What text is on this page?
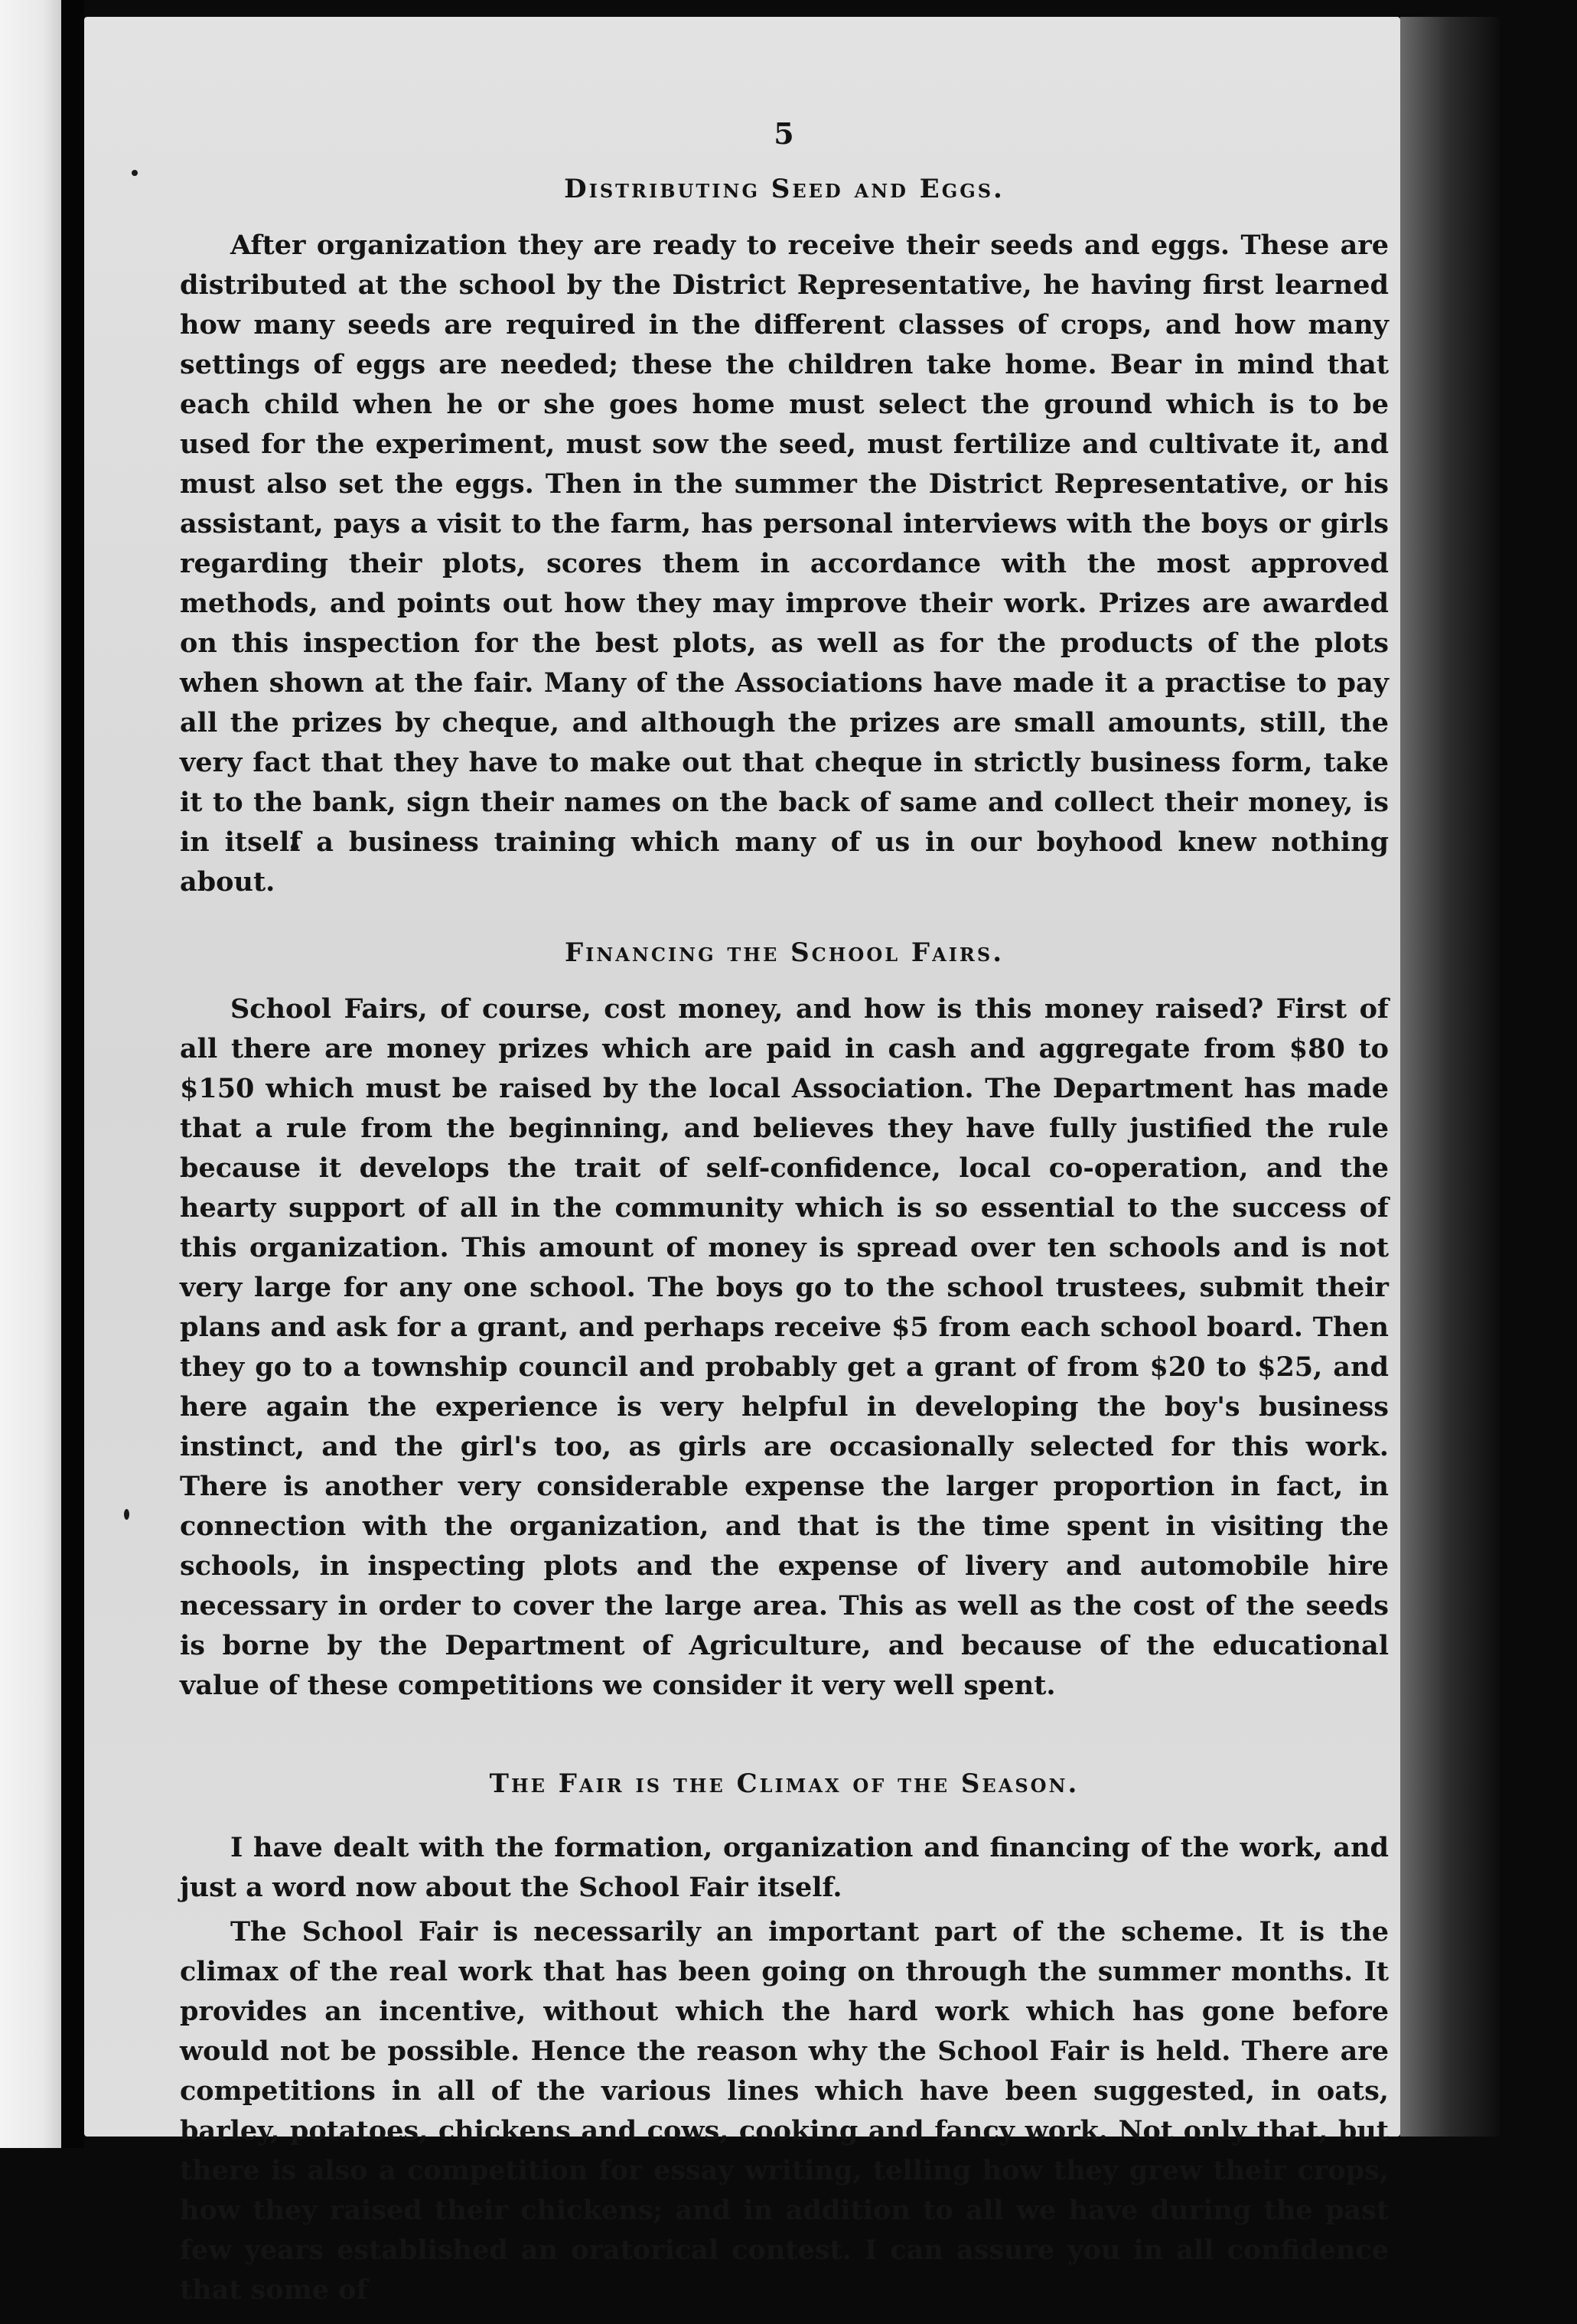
5
Distributing Seed and Eggs.

After organization they are ready to receive their seeds and eggs. These are distributed at the school by the District Representative, he having first learned how many seeds are required in the different classes of crops, and how many settings of eggs are needed; these the children take home. Bear in mind that each child when he or she goes home must select the ground which is to be used for the experiment, must sow the seed, must fertilize and cultivate it, and must also set the eggs. Then in the summer the District Representative, or his assistant, pays a visit to the farm, has personal interviews with the boys or girls regarding their plots, scores them in accordance with the most approved methods, and points out how they may improve their work. Prizes are awarded on this inspection for the best plots, as well as for the products of the plots when shown at the fair. Many of the Associations have made it a practise to pay all the prizes by cheque, and although the prizes are small amounts, still, the very fact that they have to make out that cheque in strictly business form, take it to the bank, sign their names on the back of same and collect their money, is in itself a business training which many of us in our boyhood knew nothing about.

Financing the School Fairs.

School Fairs, of course, cost money, and how is this money raised? First of all there are money prizes which are paid in cash and aggregate from $80 to $150 which must be raised by the local Association. The Department has made that a rule from the beginning, and believes they have fully justified the rule because it develops the trait of self-confidence, local co-operation, and the hearty support of all in the community which is so essential to the success of this organization. This amount of money is spread over ten schools and is not very large for any one school. The boys go to the school trustees, submit their plans and ask for a grant, and perhaps receive $5 from each school board. Then they go to a township council and probably get a grant of from $20 to $25, and here again the experience is very helpful in developing the boy's business instinct, and the girl's too, as girls are occasionally selected for this work. There is another very considerable expense the larger proportion in fact, in connection with the organization, and that is the time spent in visiting the schools, in inspecting plots and the expense of livery and automobile hire necessary in order to cover the large area. This as well as the cost of the seeds is borne by the Department of Agriculture, and because of the educational value of these competitions we consider it very well spent.

The Fair is the Climax of the Season.

I have dealt with the formation, organization and financing of the work, and just a word now about the School Fair itself.

The School Fair is necessarily an important part of the scheme. It is the climax of the real work that has been going on through the summer months. It provides an incentive, without which the hard work which has gone before would not be possible. Hence the reason why the School Fair is held. There are competitions in all of the various lines which have been suggested, in oats, barley, potatoes, chickens and cows, cooking and fancy work. Not only that, but there is also a competition for essay writing, telling how they grew their crops, how they raised their chickens; and in addition to all we have during the past few years established an oratorical contest. I can assure you in all confidence that some of
